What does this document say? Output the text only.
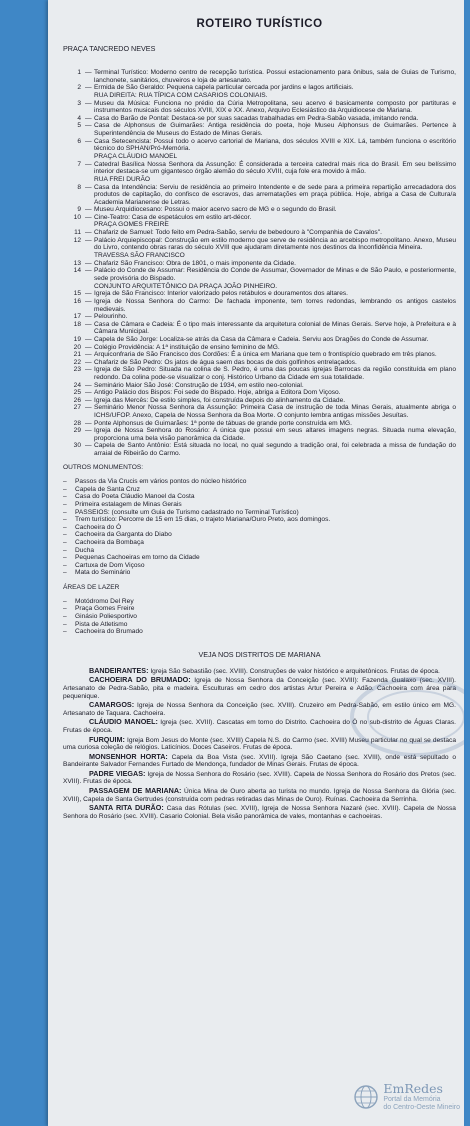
ROTEIRO TURÍSTICO

PRAÇA TANCREDO NEVES

1 — Terminal Turístico: Moderno centro de recepção turística. Possui estacionamento para ônibus, sala de Guias de Turismo, lanchonete, sanitários, chuveiros e loja de artesanato.
2 — Ermida de São Geraldo: Pequena capela particular cercada por jardins e lagos artificiais.
RUA DIREITA: RUA TÍPICA COM CASARIOS COLONIAIS.
3 — Museu da Música: Funciona no prédio da Cúria Metropolitana, seu acervo é basicamente composto por partituras e instrumentos musicais dos séculos XVIII, XIX e XX. Anexo, Arquivo Eclesiástico da Arquidiocese de Mariana.
4 — Casa do Barão de Pontal: Destaca-se por suas sacadas trabalhadas em Pedra-Sabão vasada, imitando renda.
5 — Casa de Alphonsus de Guimarães: Antiga residência do poeta, hoje Museu Alphonsus de Guimarães. Pertence à Superintendência de Museus do Estado de Minas Gerais.
6 — Casa Setecencista: Possui todo o acervo cartorial de Mariana, dos séculos XVIII e XIX. Lá, também funciona o escritório técnico do SPHAN/Pró-Memória.
PRAÇA CLÁUDIO MANOEL
7 — Catedral Basílica Nossa Senhora da Assunção: É considerada a terceira catedral mais rica do Brasil. Em seu belíssimo interior destaca-se um gigantesco órgão alemão do século XVIII, cuja fole era movido à mão.
RUA FREI DURÃO
8 — Casa da Intendência: Serviu de residência ao primeiro Intendente e de sede para a primeira repartição arrecadadora dos produtos de capitação, do confisco de escravos, das arrematações em praça pública. Hoje, abriga a Casa de Cultura/a Academia Marianense de Letras.
9 — Museu Arquidiocesano: Possui o maior acervo sacro de MG e o segundo do Brasil.
10 — Cine-Teatro: Casa de espetáculos em estilo art-décor.
PRAÇA GOMES FREIRE
11 — Chafariz de Samuel: Todo feito em Pedra-Sabão, serviu de bebedouro à "Companhia de Cavalos".
12 — Palácio Arquiepiscopal: Construção em estilo moderno que serve de residência ao arcebispo metropolitano. Anexo, Museu do Livro, contendo obras raras do século XVIII que ajudaram diretamente nos destinos da Inconfidência Mineira.
TRAVESSA SÃO FRANCISCO
13 — Chafariz São Francisco: Obra de 1801, o mais imponente da Cidade.
14 — Palácio do Conde de Assumar: Residência do Conde de Assumar, Governador de Minas e de São Paulo, e posteriormente, sede provisória do Bispado.
CONJUNTO ARQUITETÔNICO DA PRAÇA JOÃO PINHEIRO.
15 — Igreja de São Francisco: Interior valorizado pelos retábulos e douramentos dos altares.
16 — Igreja de Nossa Senhora do Carmo: De fachada imponente, tem torres redondas, lembrando os antigos castelos medievais.
17 — Pelourinho.
18 — Casa de Câmara e Cadeia: É o tipo mais interessante da arquitetura colonial de Minas Gerais. Serve hoje, à Prefeitura e à Câmara Municipal.
19 — Capela de São Jorge: Localiza-se atrás da Casa da Câmara e Cadeia. Serviu aos Dragões do Conde de Assumar.
20 — Colégio Providência: A 1ª instituição de ensino feminino de MG.
21 — Arquiconfraria de São Francisco dos Cordões: É a única em Mariana que tem o frontispício quebrado em três planos.
22 — Chafariz de São Pedro: Os jatos de água saem das bocas de dois golfinhos entrelaçados.
23 — Igreja de São Pedro: Situada na colina de S. Pedro, é uma das poucas igrejas Barrocas da região constituída em plano redondo. Da colina pode-se visualizar o conj. Histórico Urbano da Cidade em sua totalidade.
24 — Seminário Maior São José: Construção de 1934, em estilo neo-colonial.
25 — Antigo Palácio dos Bispos: Foi sede do Bispado. Hoje, abriga a Editora Dom Viçoso.
26 — Igreja das Mercês: De estilo simples, foi construída depois do alinhamento da Cidade.
27 — Seminário Menor Nossa Senhora da Assunção: Primeira Casa de instrução de toda Minas Gerais, atualmente abriga o ICHS/UFOP. Anexo, Capela de Nossa Senhora da Boa Morte. O conjunto lembra antigas missões Jesuítas.
28 — Ponte Alphonsus de Guimarães: 1ª ponte de tábuas de grande porte construída em MG.
29 — Igreja de Nossa Senhora do Rosário: A única que possui em seus altares imagens negras. Situada numa elevação, proporciona uma bela visão panorâmica da Cidade.
30 — Capela de Santo Antônio: Está situada no local, no qual segundo a tradição oral, foi celebrada a missa de fundação do arraial de Ribeirão do Carmo.

OUTROS MONUMENTOS:

–	Passos da Via Crucis em vários pontos do núcleo histórico
–	Capela de Santa Cruz
–	Casa do Poeta Cláudio Manoel da Costa
–	Primeira estalagem de Minas Gerais
–	PASSEIOS: (consulte um Guia de Turismo cadastrado no Terminal Turístico)
–	Trem turístico: Percorre de 15 em 15 dias, o trajeto Mariana/Ouro Preto, aos domingos.
–	Cachoeira do Ó
–	Cachoeira da Garganta do Diabo
–	Cachoeira da Bombaça
–	Ducha
–	Pequenas Cachoeiras em torno da Cidade
–	Cartuxa de Dom Viçoso
–	Mata do Seminário

ÁREAS DE LAZER

–	Motódromo Del Rey
–	Praça Gomes Freire
–	Ginásio Poliesportivo
–	Pista de Atletismo
–	Cachoeira do Brumado

VEJA NOS DISTRITOS DE MARIANA

BANDEIRANTES: Igreja São Sebastião (sec. XVIII). Construções de valor histórico e arquitetônicos. Frutas de época.

CACHOEIRA DO BRUMADO: Igreja de Nossa Senhora da Conceição (sec. XVIII): Fazenda Gualaxo (sec. XVIII). Artesanato de Pedra-Sabão, pita e madeira. Esculturas em cedro dos artistas Artur Pereira e Adão. Cachoeira com área para pequenique.

CAMARGOS: Igreja de Nossa Senhora da Conceição (sec. XVIII). Cruzeiro em Pedra-Sabão, em estilo único em MG. Artesanato de Taquara. Cachoeira.

CLÁUDIO MANOEL: Igreja (sec. XVIII). Cascatas em torno do Distrito. Cachoeira do Ó no sub-distrito de Águas Claras. Frutas de época.

FURQUIM: Igreja Bom Jesus do Monte (sec. XVIII) Capela N.S. do Carmo (sec. XVIII) Museu particular no qual se destaca uma curiosa coleção de relógios. Laticínios. Doces Caseiros. Frutas de época.

MONSENHOR HORTA: Capela da Boa Vista (sec. XVIII). Igreja São Caetano (sec. XVIII), onde está sepultado o Bandeirante Salvador Fernandes Furtado de Mendonça, fundador de Minas Gerais. Frutas de época.

PADRE VIEGAS: Igreja de Nossa Senhora do Rosário (sec. XVIII). Capela de Nossa Senhora do Rosário dos Pretos (sec. XVIII). Frutas de época.

PASSAGEM DE MARIANA: Única Mina de Ouro aberta ao turista no mundo. Igreja de Nossa Senhora da Glória (sec. XVIII), Capela de Santa Gertrudes (construída com pedras retiradas das Minas de Ouro). Ruínas. Cachoeira da Serrinha.

SANTA RITA DURÃO: Casa das Rótulas (sec. XVIII), Igreja de Nossa Senhora Nazaré (sec. XVIII). Capela de Nossa Senhora do Rosário (sec. XVIII). Casario Colonial. Bela visão panorâmica de vales, montanhas e cachoeiras.

EmRedes
Portal da Memória
do Centro-Oeste Mineiro
